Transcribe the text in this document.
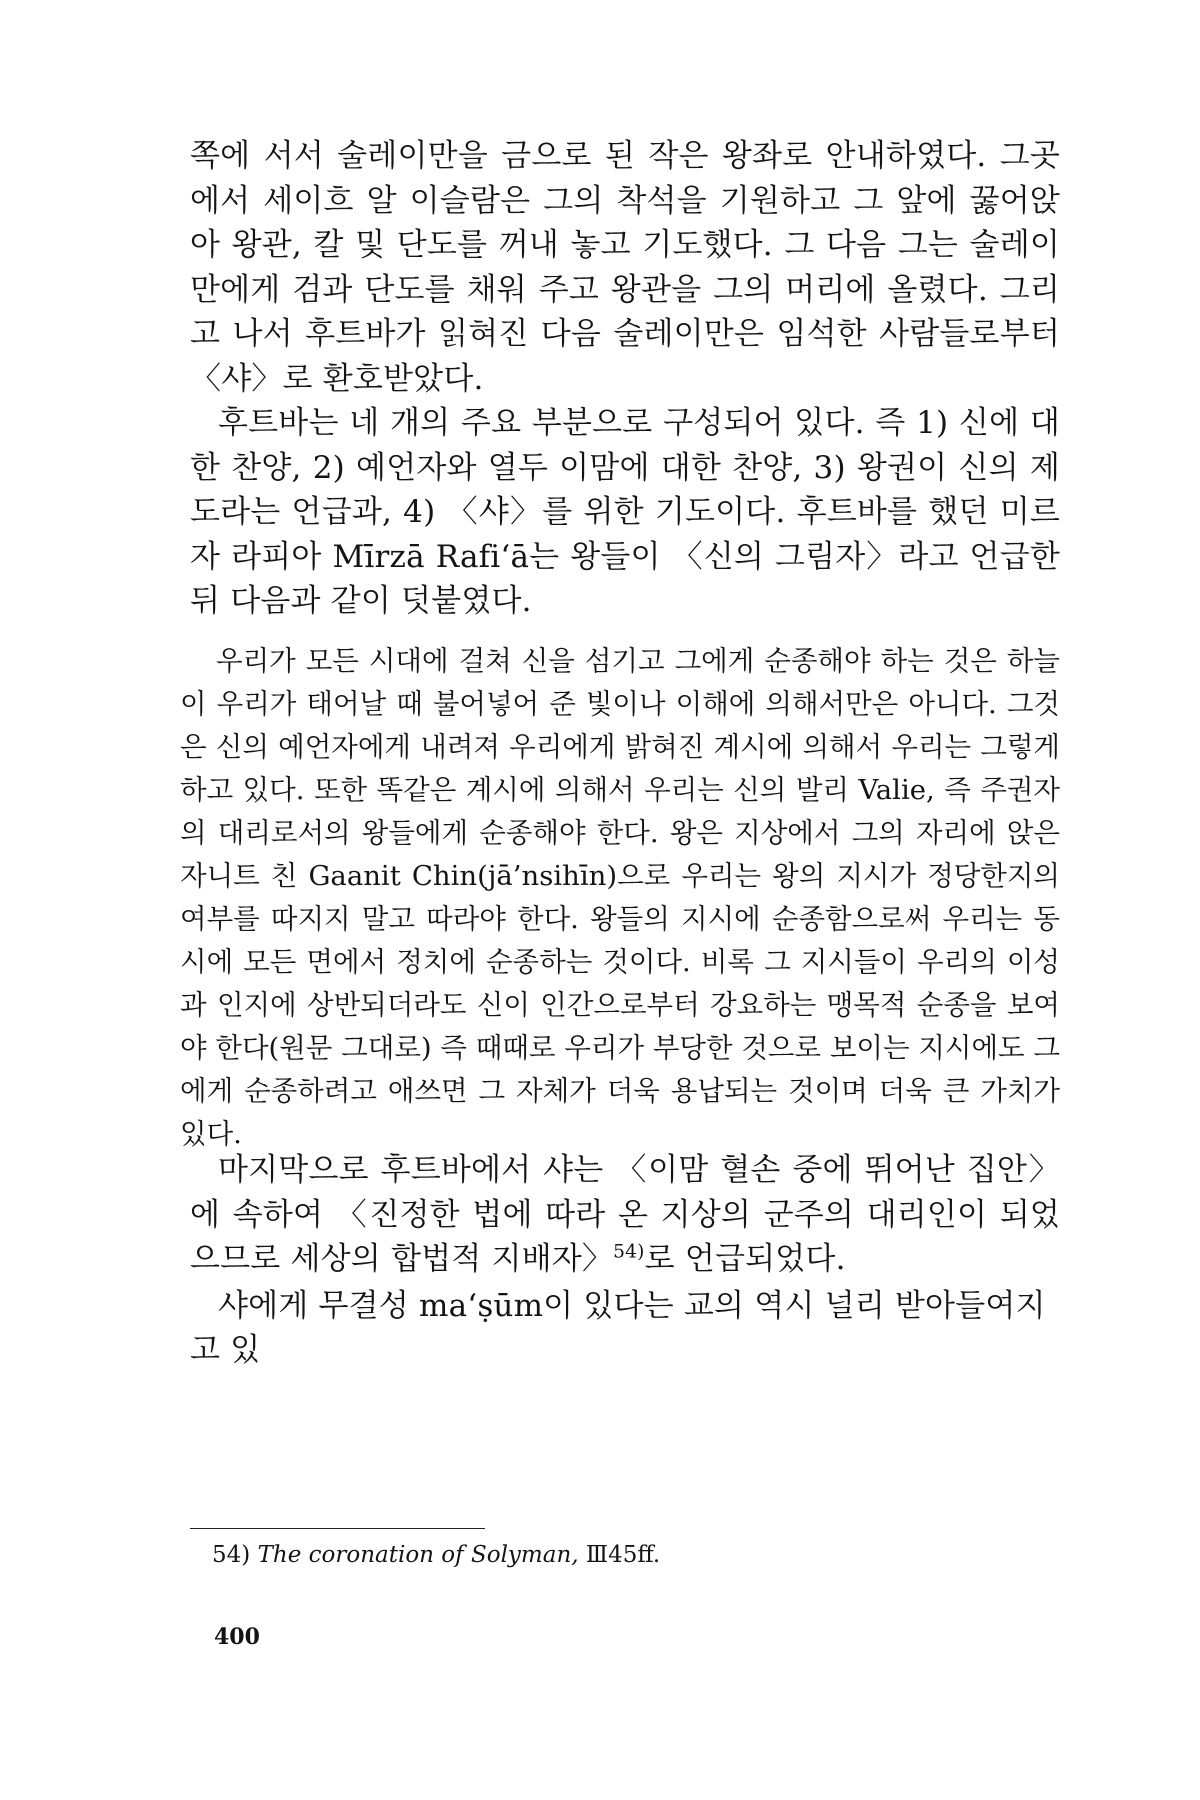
쪽에 서서 술레이만을 금으로 된 작은 왕좌로 안내하였다. 그곳에서 세이흐 알 이슬람은 그의 착석을 기원하고 그 앞에 꿇어앉아 왕관, 칼 및 단도를 꺼내 놓고 기도했다. 그 다음 그는 술레이만에게 검과 단도를 채워 주고 왕관을 그의 머리에 올렸다. 그리고 나서 후트바가 읽혀진 다음 술레이만은 임석한 사람들로부터 〈샤〉로 환호받았다.

후트바는 네 개의 주요 부분으로 구성되어 있다. 즉 1) 신에 대한 찬양, 2) 예언자와 열두 이맘에 대한 찬양, 3) 왕권이 신의 제도라는 언급과, 4) 〈샤〉를 위한 기도이다. 후트바를 했던 미르자 라피아 Mīrzā Rafi‘ā는 왕들이 〈신의 그림자〉라고 언급한 뒤 다음과 같이 덧붙였다.

우리가 모든 시대에 걸쳐 신을 섬기고 그에게 순종해야 하는 것은 하늘이 우리가 태어날 때 불어넣어 준 빛이나 이해에 의해서만은 아니다. 그것은 신의 예언자에게 내려져 우리에게 밝혀진 계시에 의해서 우리는 그렇게 하고 있다. 또한 똑같은 계시에 의해서 우리는 신의 발리 Valie, 즉 주권자의 대리로서의 왕들에게 순종해야 한다. 왕은 지상에서 그의 자리에 앉은 자니트 친 Gaanit Chin(jā’nsihīn)으로 우리는 왕의 지시가 정당한지의 여부를 따지지 말고 따라야 한다. 왕들의 지시에 순종함으로써 우리는 동시에 모든 면에서 정치에 순종하는 것이다. 비록 그 지시들이 우리의 이성과 인지에 상반되더라도 신이 인간으로부터 강요하는 맹목적 순종을 보여야 한다(원문 그대로) 즉 때때로 우리가 부당한 것으로 보이는 지시에도 그에게 순종하려고 애쓰면 그 자체가 더욱 용납되는 것이며 더욱 큰 가치가 있다.

마지막으로 후트바에서 샤는 〈이맘 혈손 중에 뛰어난 집안〉에 속하여 〈진정한 법에 따라 온 지상의 군주의 대리인이 되었으므로 세상의 합법적 지배자〉$^{54)}$로 언급되었다.

샤에게 무결성 ma‘ṣūm이 있다는 교의 역시 널리 받아들여지고 있

54) The coronation of Solyman, Ⅲ45ff.
400
